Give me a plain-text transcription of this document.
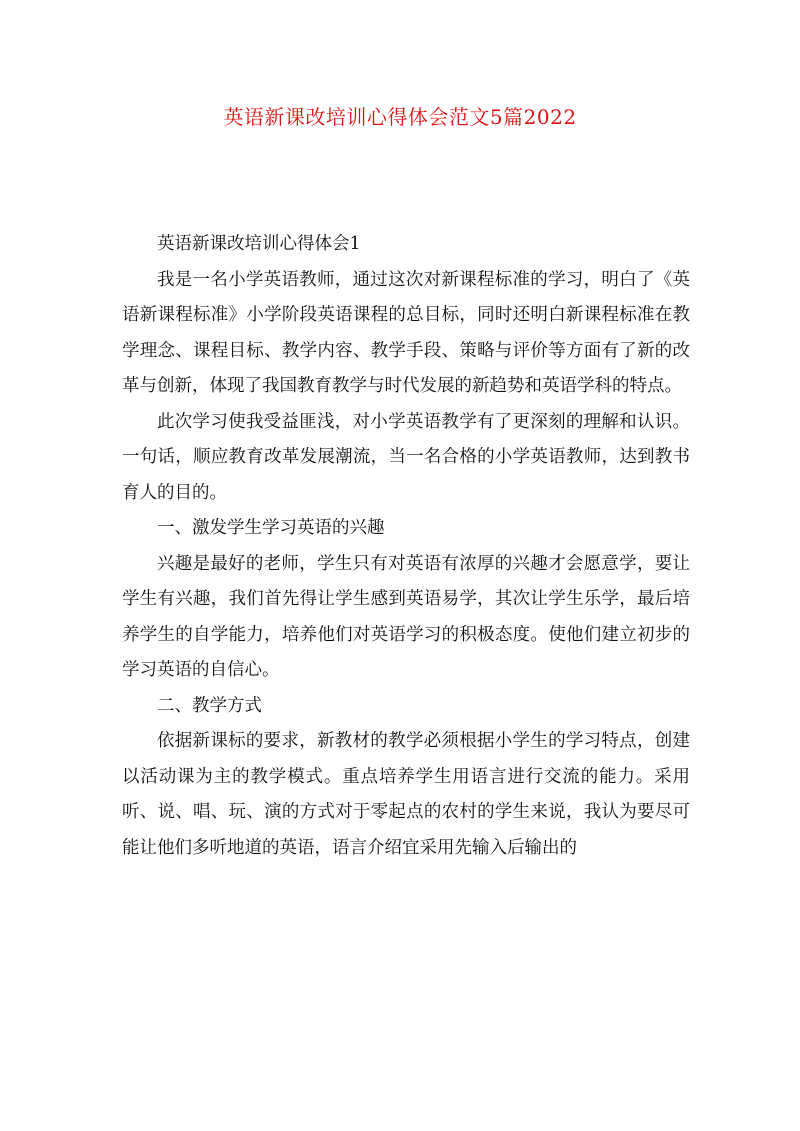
英语新课改培训心得体会范文5篇2022

英语新课改培训心得体会1

我是一名小学英语教师，通过这次对新课程标准的学习，明白了《英语新课程标准》小学阶段英语课程的总目标，同时还明白新课程标准在教学理念、课程目标、教学内容、教学手段、策略与评价等方面有了新的改革与创新，体现了我国教育教学与时代发展的新趋势和英语学科的特点。

此次学习使我受益匪浅，对小学英语教学有了更深刻的理解和认识。一句话，顺应教育改革发展潮流，当一名合格的小学英语教师，达到教书育人的目的。

一、激发学生学习英语的兴趣

兴趣是最好的老师，学生只有对英语有浓厚的兴趣才会愿意学，要让学生有兴趣，我们首先得让学生感到英语易学，其次让学生乐学，最后培养学生的自学能力，培养他们对英语学习的积极态度。使他们建立初步的学习英语的自信心。

二、教学方式

依据新课标的要求，新教材的教学必须根据小学生的学习特点，创建以活动课为主的教学模式。重点培养学生用语言进行交流的能力。采用听、说、唱、玩、演的方式对于零起点的农村的学生来说，我认为要尽可能让他们多听地道的英语，语言介绍宜采用先输入后输出的
